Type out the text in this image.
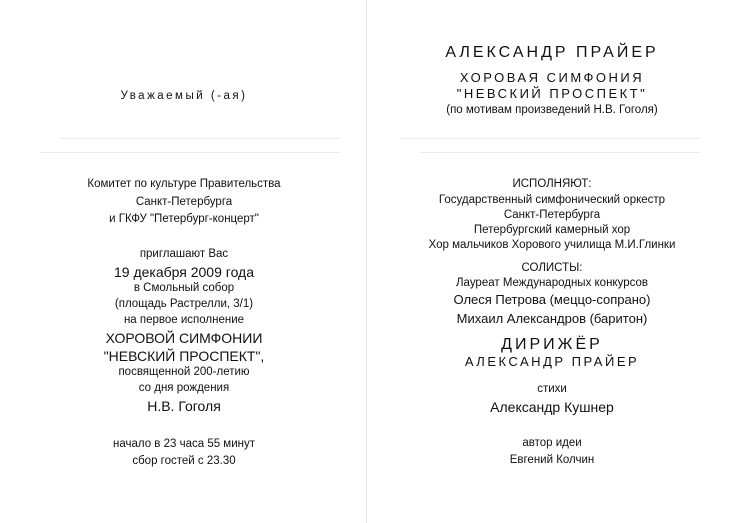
Уважаемый (-ая)
Комитет по культуре Правительства
Санкт-Петербурга
и ГКФУ "Петербург-концерт"
приглашают Вас
19 декабря 2009 года
в Смольный собор
(площадь Растрелли, 3/1)
на первое исполнение
ХОРОВОЙ СИМФОНИИ
"НЕВСКИЙ ПРОСПЕКТ",
посвященной 200-летию
со дня рождения
Н.В. Гоголя
начало в 23 часа 55 минут
сбор гостей с 23.30
АЛЕКСАНДР ПРАЙЕР
ХОРОВАЯ СИМФОНИЯ
"НЕВСКИЙ ПРОСПЕКТ"
(по мотивам произведений Н.В. Гоголя)
ИСПОЛНЯЮТ:
Государственный симфонический оркестр
Санкт-Петербурга
Петербургский камерный хор
Хор мальчиков Хорового училища М.И.Глинки
СОЛИСТЫ:
Лауреат Международных конкурсов
Олеся Петрова (меццо-сопрано)
Михаил Александров (баритон)
ДИРИЖЁР
АЛЕКСАНДР ПРАЙЕР
стихи
Александр Кушнер
автор идеи
Евгений Колчин
